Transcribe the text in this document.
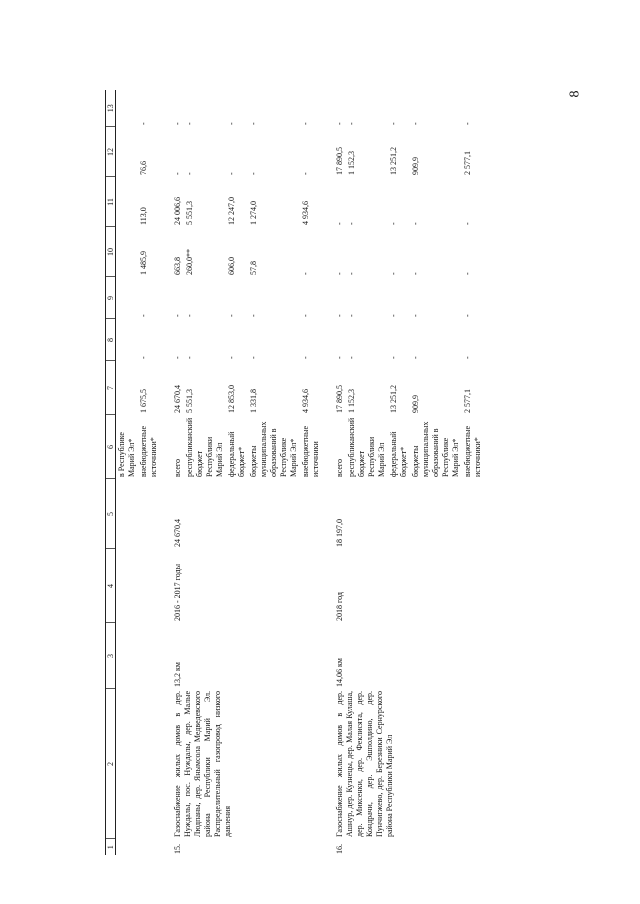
8
1	2	3	4	5	6	7	8	9	10	11	12	13
					в Республике Марий Эл*							
					внебюджетные источники*	1 675,5	-	-	1 485,9	113,0	76,6	-

15.	Газоснабжение жилых домов в дер. Нуждалы, пос. Нуждалы, дер. Малые Людпаны, дер. Янымсола Медведевского района Республики Марий Эл. Распределительный газопровод низкого давления	13,2 км	2016 - 2017 годы	24 670,4	всего	24 670,4	-	-	663,8	24 006,6	-	-
					республиканский бюджет Республики Марий Эл	5 551,3	-	-	260,0**	5 551,3	-	-
					федеральный бюджет*	12 853,0	-	-	606,0	12 247,0	-	-
					бюджеты муниципальных образований в Республике Марий Эл*	1 331,8	-	-	57,8	1 274,0	-	-
					внебюджетные источники	4 934,6	-	-	-	4 934,6	-	-

16.	Газоснабжение жилых домов в дер. Ашнур, дер. Кузнецы, дер. Малая Кулаша, дер. Миксенки, дер. Феклисята, дер. Кондрачи, дер. Эшполдино, дер. Пунчигжево, дер. Березники Сернурского района Республики Марий Эл	14,06 км	2018 год	18 197,0	всего	17 890,5	-	-	-	-	17 890,5	-
					республиканский бюджет Республики Марий Эл	1 152,3	-	-	-	-	1 152,3	-
					федеральный бюджет*	13 251,2	-	-	-	-	13 251,2	-
					бюджеты муниципальных образований в Республике Марий Эл*	909,9	-	-	-	-	909,9	-
					внебюджетные источники*	2 577,1	-	-	-	-	2 577,1	-
